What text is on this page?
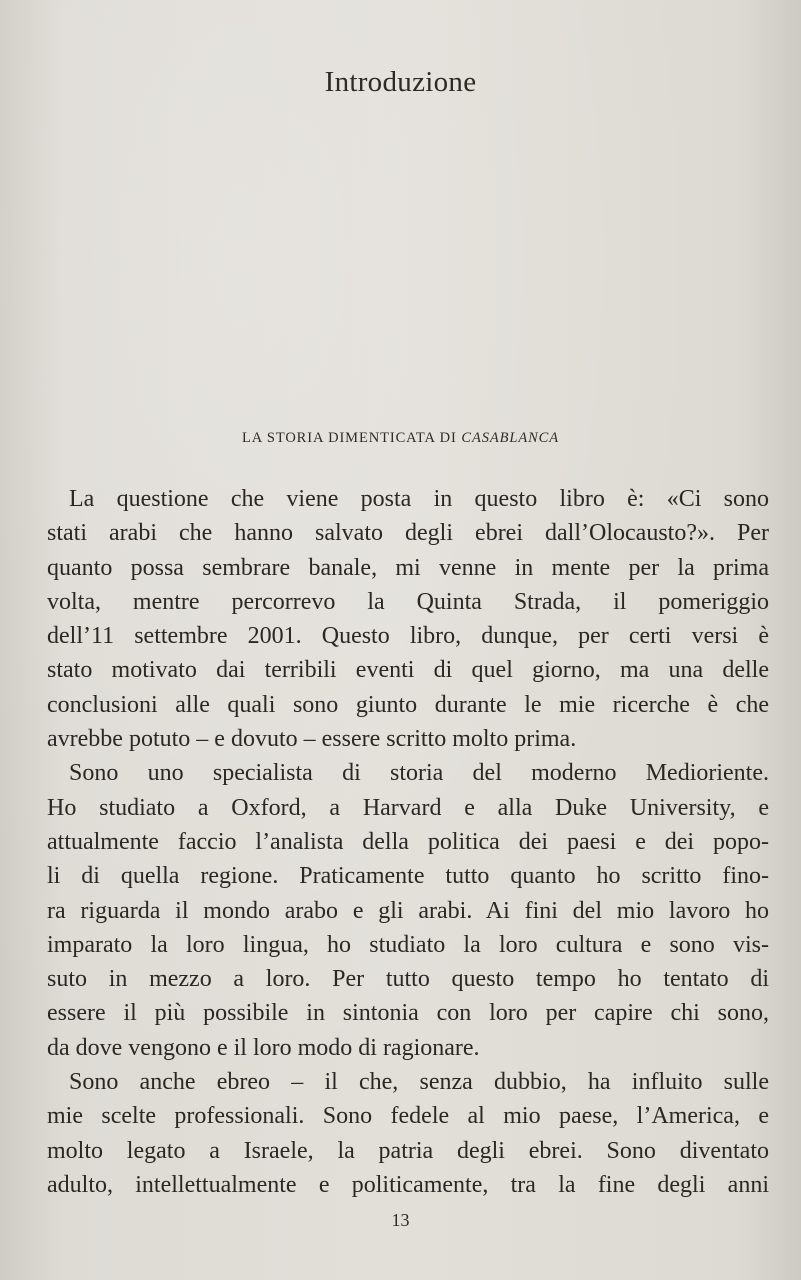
Introduzione
LA STORIA DIMENTICATA DI CASABLANCA

La questione che viene posta in questo libro è: «Ci sono
stati arabi che hanno salvato degli ebrei dall’Olocausto?». Per
quanto possa sembrare banale, mi venne in mente per la prima
volta, mentre percorrevo la Quinta Strada, il pomeriggio
dell’11 settembre 2001. Questo libro, dunque, per certi versi è
stato motivato dai terribili eventi di quel giorno, ma una delle
conclusioni alle quali sono giunto durante le mie ricerche è che
avrebbe potuto – e dovuto – essere scritto molto prima.

Sono uno specialista di storia del moderno Medioriente.
Ho studiato a Oxford, a Harvard e alla Duke University, e
attualmente faccio l’analista della politica dei paesi e dei popo-
li di quella regione. Praticamente tutto quanto ho scritto fino-
ra riguarda il mondo arabo e gli arabi. Ai fini del mio lavoro ho
imparato la loro lingua, ho studiato la loro cultura e sono vis-
suto in mezzo a loro. Per tutto questo tempo ho tentato di
essere il più possibile in sintonia con loro per capire chi sono,
da dove vengono e il loro modo di ragionare.

Sono anche ebreo – il che, senza dubbio, ha influito sulle
mie scelte professionali. Sono fedele al mio paese, l’America, e
molto legato a Israele, la patria degli ebrei. Sono diventato
adulto, intellettualmente e politicamente, tra la fine degli anni

13
